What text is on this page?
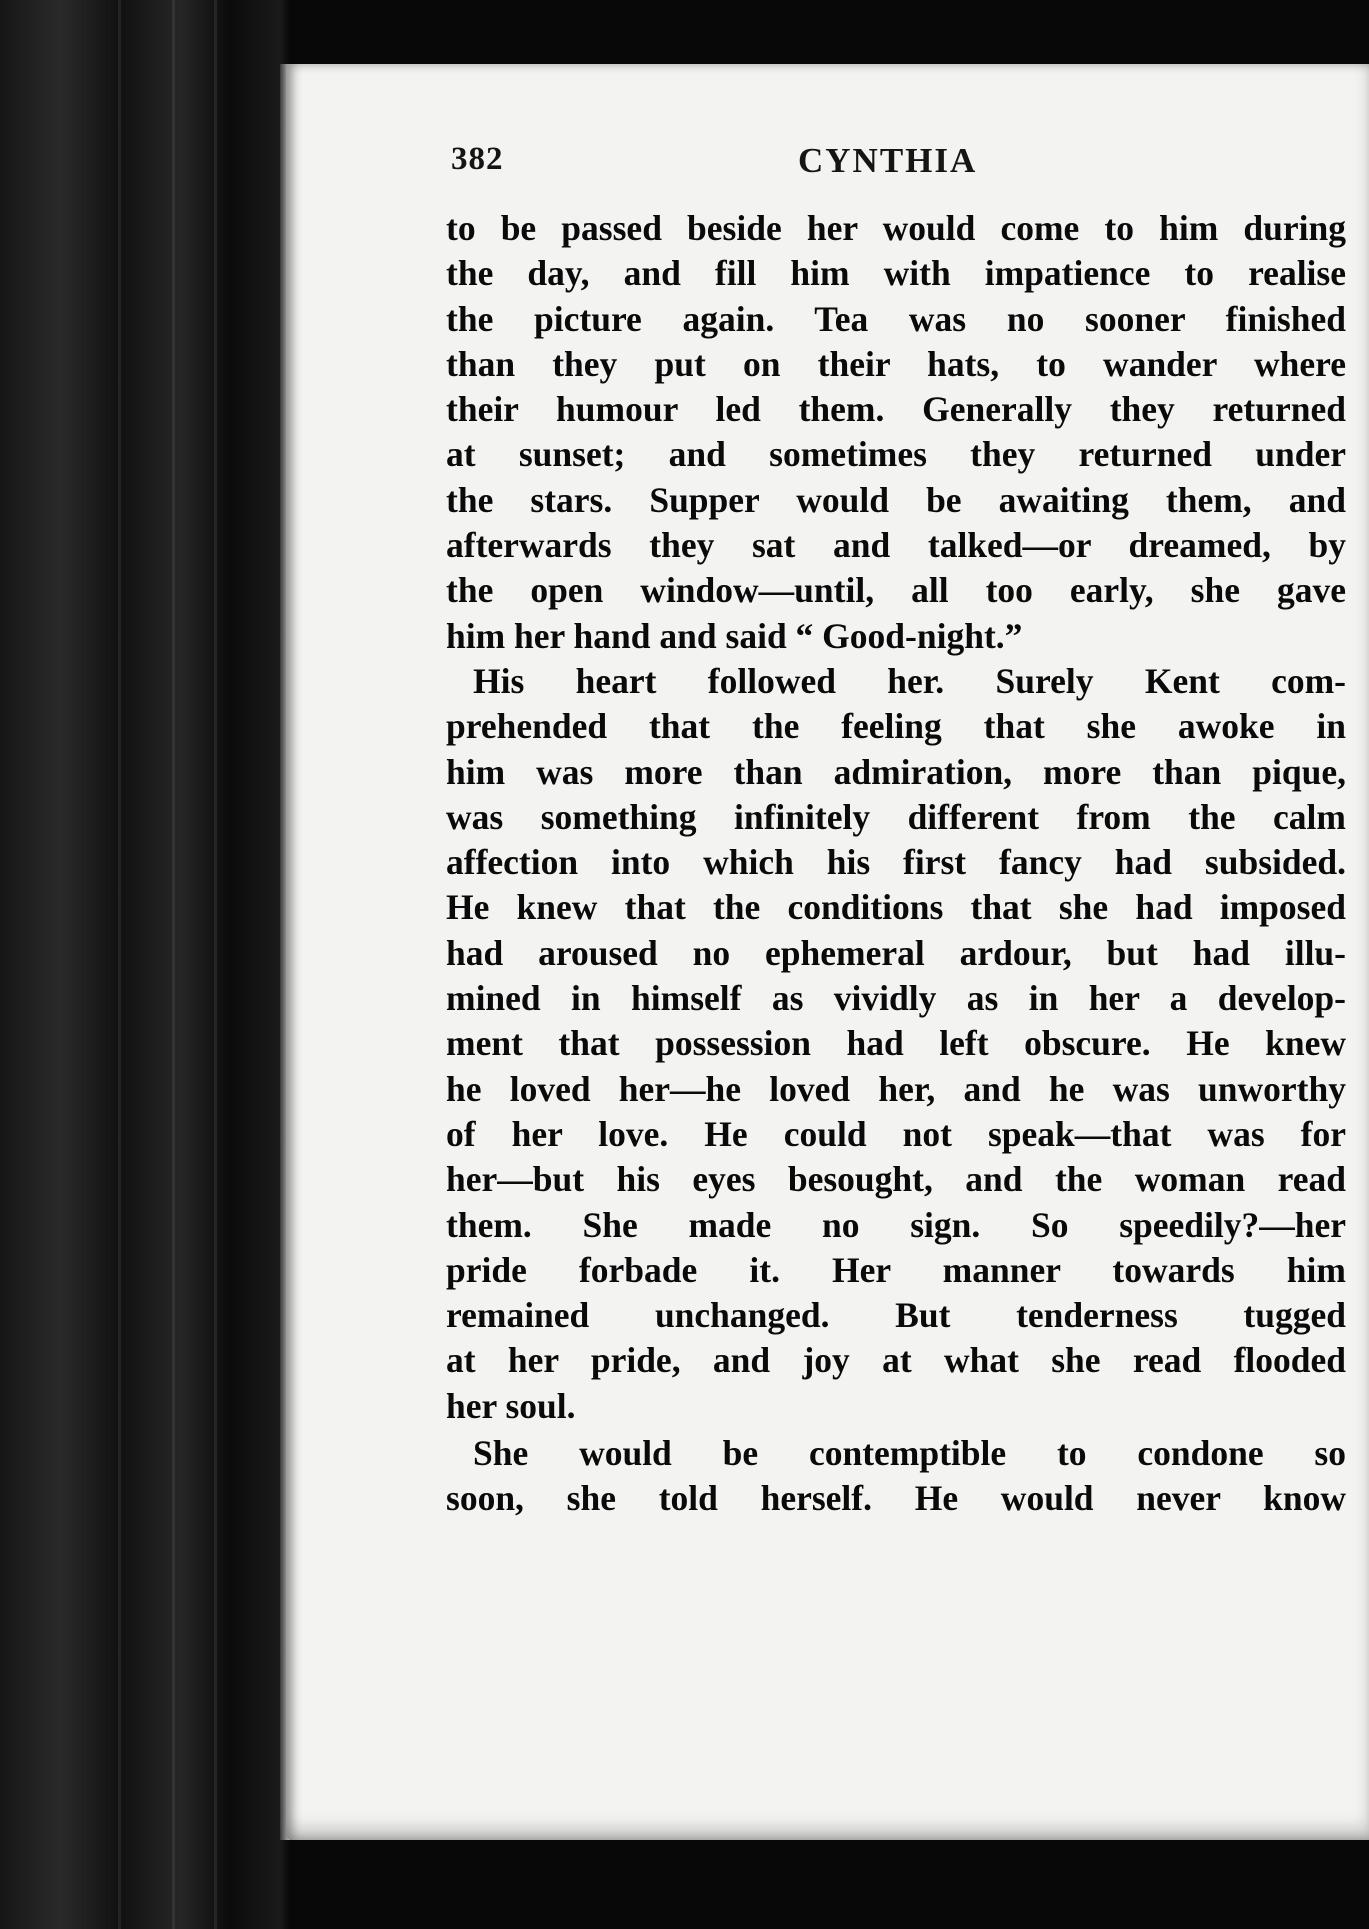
382	CYNTHIA
to be passed beside her would come to him during
the day, and fill him with impatience to realise
the picture again. Tea was no sooner finished
than they put on their hats, to wander where
their humour led them. Generally they returned
at sunset; and sometimes they returned under
the stars. Supper would be awaiting them, and
afterwards they sat and talked—or dreamed, by
the open window—until, all too early, she gave
him her hand and said “ Good-night.”
His heart followed her. Surely Kent com-
prehended that the feeling that she awoke in
him was more than admiration, more than pique,
was something infinitely different from the calm
affection into which his first fancy had subsided.
He knew that the conditions that she had imposed
had aroused no ephemeral ardour, but had illu-
mined in himself as vividly as in her a develop-
ment that possession had left obscure. He knew
he loved her—he loved her, and he was unworthy
of her love. He could not speak—that was for
her—but his eyes besought, and the woman read
them. She made no sign. So speedily?—her
pride forbade it. Her manner towards him
remained unchanged. But tenderness tugged
at her pride, and joy at what she read flooded
her soul.
She would be contemptible to condone so
soon, she told herself. He would never know
